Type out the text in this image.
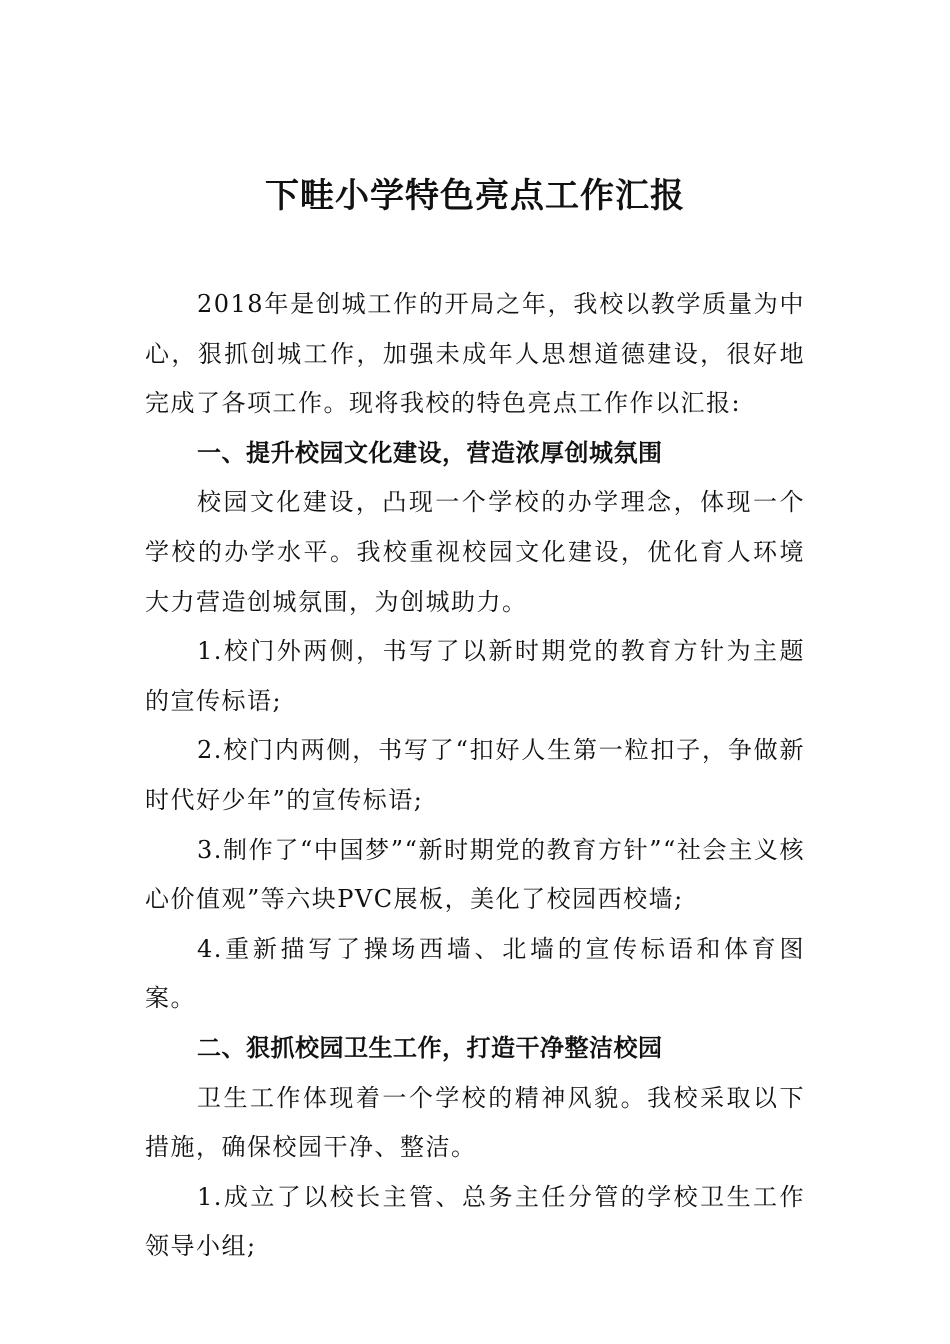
下畦小学特色亮点工作汇报

2018年是创城工作的开局之年，我校以教学质量为中心，狠抓创城工作，加强未成年人思想道德建设，很好地完成了各项工作。现将我校的特色亮点工作作以汇报:

一、提升校园文化建设，营造浓厚创城氛围

校园文化建设，凸现一个学校的办学理念，体现一个学校的办学水平。我校重视校园文化建设，优化育人环境大力营造创城氛围，为创城助力。

1.校门外两侧，书写了以新时期党的教育方针为主题的宣传标语;

2.校门内两侧，书写了“扣好人生第一粒扣子，争做新时代好少年”的宣传标语;

3.制作了“中国梦”“新时期党的教育方针”“社会主义核心价值观”等六块PVC展板，美化了校园西校墙;

4.重新描写了操场西墙、北墙的宣传标语和体育图案。

二、狠抓校园卫生工作，打造干净整洁校园

卫生工作体现着一个学校的精神风貌。我校采取以下措施，确保校园干净、整洁。

1.成立了以校长主管、总务主任分管的学校卫生工作领导小组;
